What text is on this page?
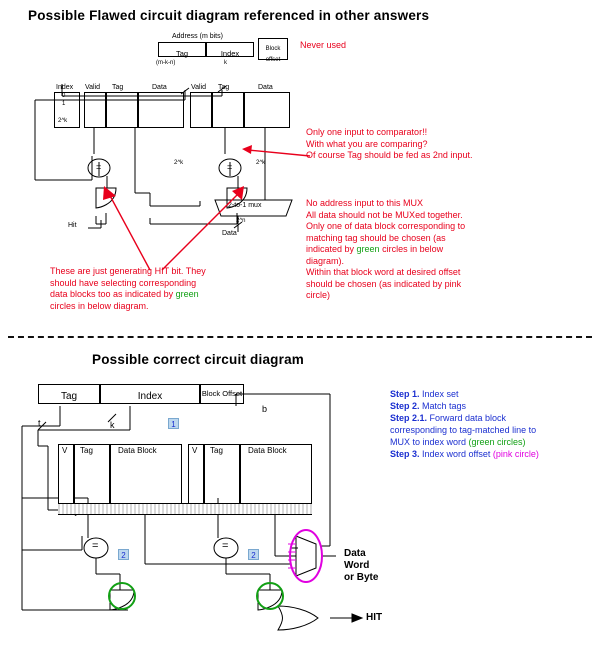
Possible Flawed circuit diagram referenced in other answers
Address (m bits)
Tag	Index	Block offset
(m-k-n)	k
Never used
Index
0
1
2^k
Valid Tag	Data	Valid Tag	Data
2^k	2^k
Hit
2-to-1 mux
2^n
Data
Only one input to comparator!!
With what you are comparing?
Of course Tag should be fed as 2nd input.
No address input to this MUX
All data should not be MUXed together.
Only one of data block corresponding to
matching tag should be chosen (as
indicated by green circles in below
diagram).
Within that block word at desired offset
should be chosen (as indicated by pink
circle)
These are just generating HIT bit. They
should have selecting corresponding
data blocks too as indicated by green
circles in below diagram.
Possible correct circuit diagram
Tag	Index	Block Offset
b
t	k	1
2	2
V Tag	Data Block	V Tag	Data Block
=	=
=	=
Data
Word
or Byte
HIT
Step 1. Index set
Step 2. Match tags
Step 2.1. Forward data block
corresponding to tag-matched line to
MUX to index word (green circles)
Step 3. Index word offset (pink circle)
